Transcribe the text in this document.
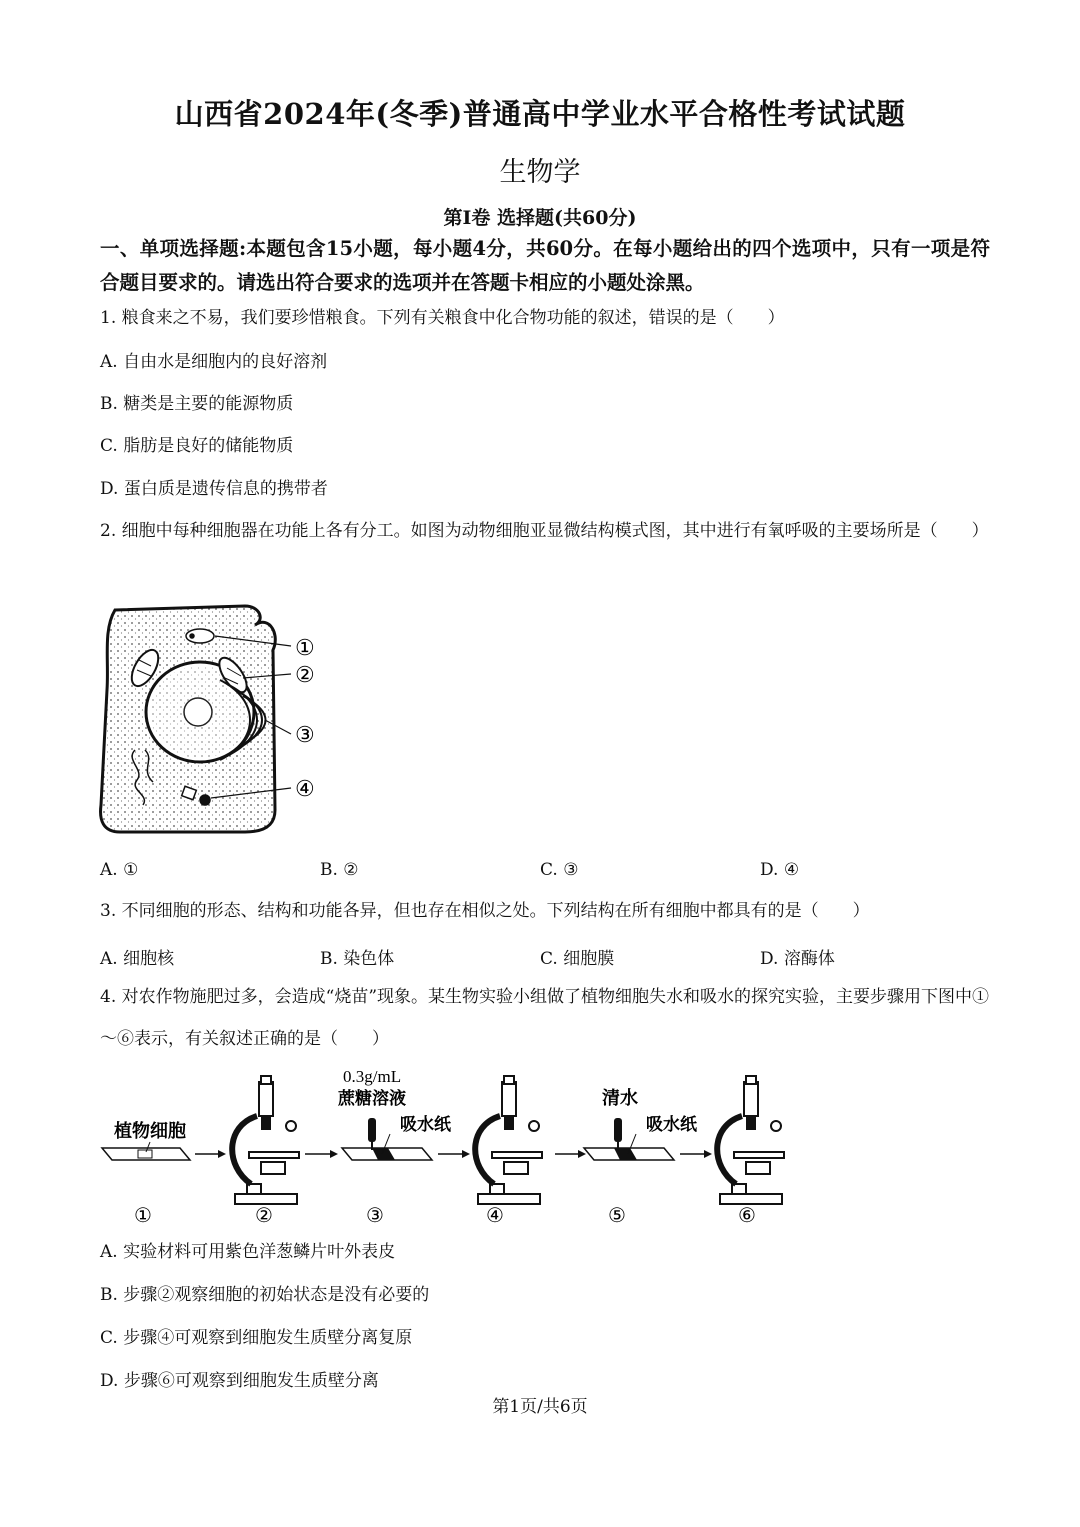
山西省2024年(冬季)普通高中学业水平合格性考试试题
生物学
第Ⅰ卷 选择题(共60分)
一、单项选择题:本题包含15小题，每小题4分，共60分。在每小题给出的四个选项中，只有一项是符合题目要求的。请选出符合要求的选项并在答题卡相应的小题处涂黑。
1. 粮食来之不易，我们要珍惜粮食。下列有关粮食中化合物功能的叙述，错误的是（　　）
A. 自由水是细胞内的良好溶剂
B. 糖类是主要的能源物质
C. 脂肪是良好的储能物质
D. 蛋白质是遗传信息的携带者
2. 细胞中每种细胞器在功能上各有分工。如图为动物细胞亚显微结构模式图，其中进行有氧呼吸的主要场所是（　　）
①
②
③
④
A. ①	B. ②	C. ③	D. ④
3. 不同细胞的形态、结构和功能各异，但也存在相似之处。下列结构在所有细胞中都具有的是（　　）
A. 细胞核	B. 染色体	C. 细胞膜	D. 溶酶体
4. 对农作物施肥过多，会造成“烧苗”现象。某生物实验小组做了植物细胞失水和吸水的探究实验，主要步骤用下图中①～⑥表示，有关叙述正确的是（　　）
植物细胞
0.3g/mL
蔗糖溶液
吸水纸
清水
吸水纸
①	②	③	④	⑤	⑥
A. 实验材料可用紫色洋葱鳞片叶外表皮
B. 步骤②观察细胞的初始状态是没有必要的
C. 步骤④可观察到细胞发生质壁分离复原
D. 步骤⑥可观察到细胞发生质壁分离
第1页/共6页
